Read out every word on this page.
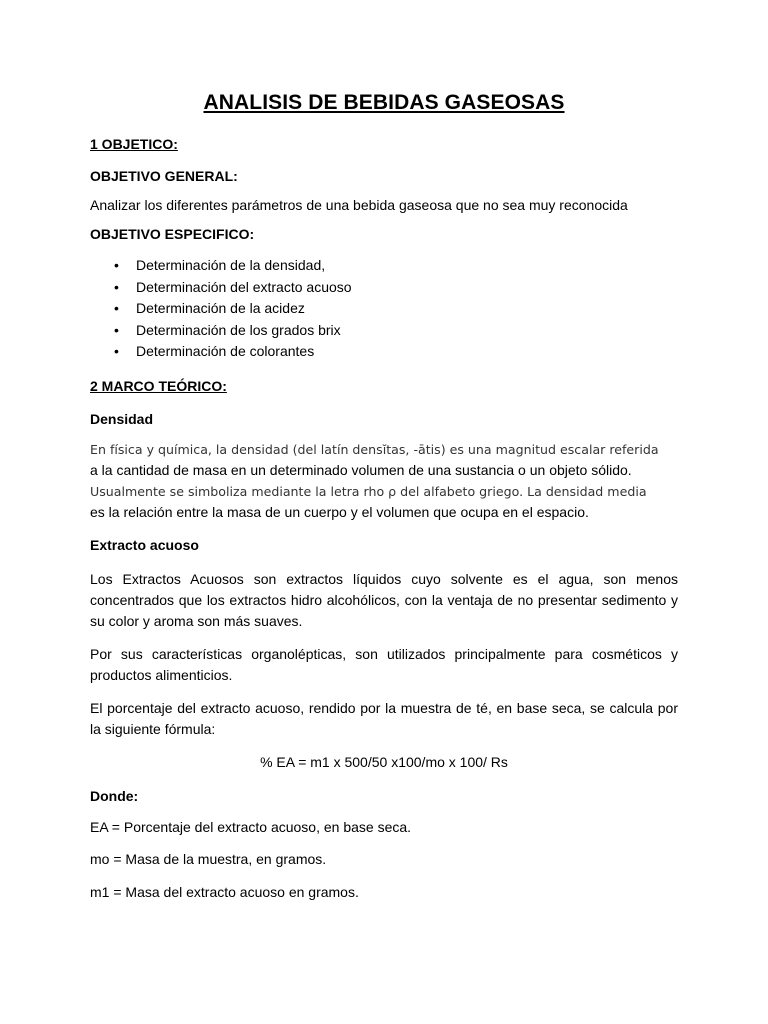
ANALISIS DE BEBIDAS GASEOSAS
1 OBJETICO:
OBJETIVO GENERAL:

Analizar los diferentes parámetros de una bebida gaseosa que no sea muy reconocida

OBJETIVO ESPECIFICO:
• Determinación de la densidad,
• Determinación del extracto acuoso
• Determinación de la acidez
• Determinación de los grados brix
• Determinación de colorantes
2 MARCO TEÓRICO:
Densidad

En física y química, la densidad (del latín densĭtas, -ātis) es una magnitud escalar referida
a la cantidad de masa en un determinado volumen de una sustancia o un objeto sólido.
Usualmente se simboliza mediante la letra rho ρ del alfabeto griego. La densidad media
es la relación entre la masa de un cuerpo y el volumen que ocupa en el espacio.

Extracto acuoso

Los Extractos Acuosos son extractos líquidos cuyo solvente es el agua, son menos concentrados que los extractos hidro alcohólicos, con la ventaja de no presentar sedimento y su color y aroma son más suaves.

Por sus características organolépticas, son utilizados principalmente para cosméticos y productos alimenticios.

El porcentaje del extracto acuoso, rendido por la muestra de té, en base seca, se calcula por la siguiente fórmula:

% EA = m1 x 500/50 x100/mo x 100/ Rs
Donde:

EA = Porcentaje del extracto acuoso, en base seca.

mo = Masa de la muestra, en gramos.

m1 = Masa del extracto acuoso en gramos.
